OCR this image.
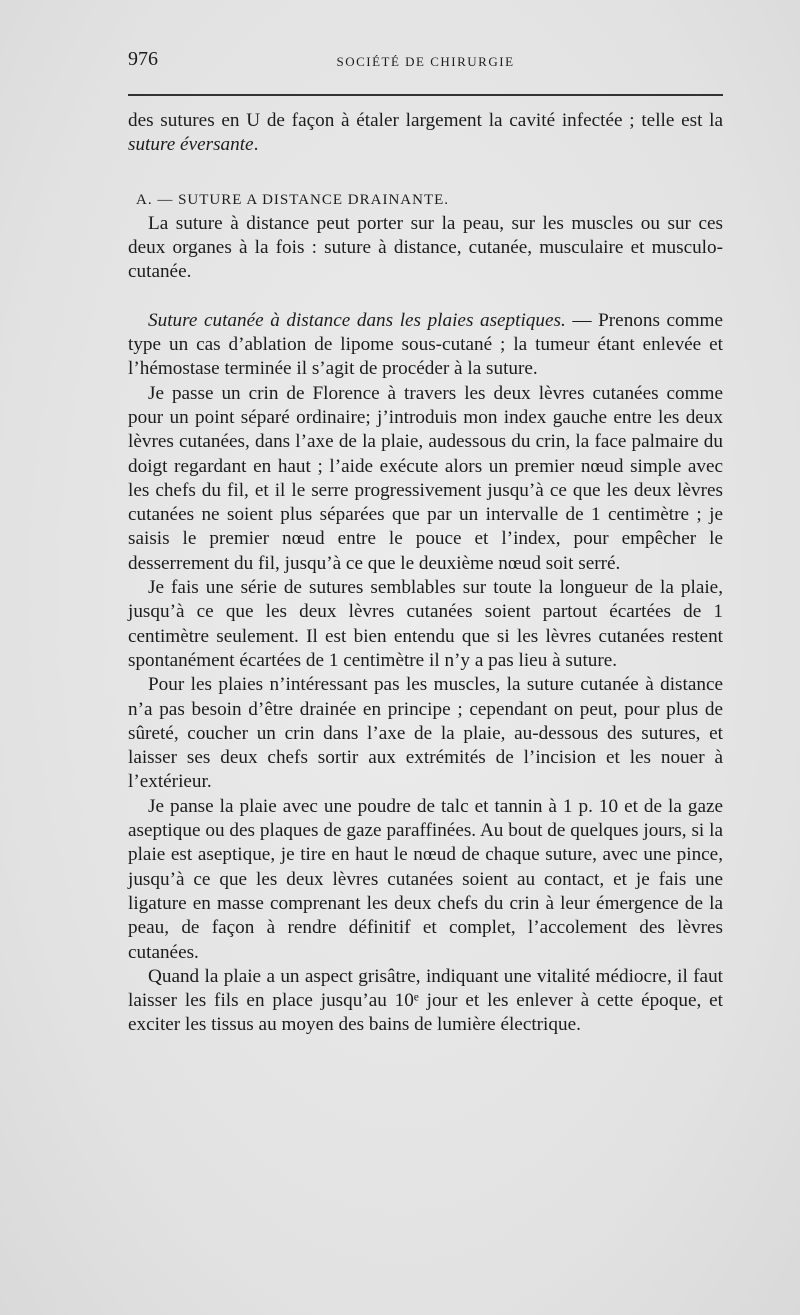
976	SOCIÉTÉ DE CHIRURGIE

des sutures en U de façon à étaler largement la cavité infectée ; telle est la suture éversante.

A. — SUTURE A DISTANCE DRAINANTE.

La suture à distance peut porter sur la peau, sur les muscles ou sur ces deux organes à la fois : suture à distance, cutanée, musculaire et musculo-cutanée.

Suture cutanée à distance dans les plaies aseptiques. — Prenons comme type un cas d’ablation de lipome sous-cutané ; la tumeur étant enlevée et l’hémostase terminée il s’agit de procéder à la suture.

Je passe un crin de Florence à travers les deux lèvres cutanées comme pour un point séparé ordinaire; j’introduis mon index gauche entre les deux lèvres cutanées, dans l’axe de la plaie, audessous du crin, la face palmaire du doigt regardant en haut ; l’aide exécute alors un premier nœud simple avec les chefs du fil, et il le serre progressivement jusqu’à ce que les deux lèvres cutanées ne soient plus séparées que par un intervalle de 1 centimètre ; je saisis le premier nœud entre le pouce et l’index, pour empêcher le desserrement du fil, jusqu’à ce que le deuxième nœud soit serré.

Je fais une série de sutures semblables sur toute la longueur de la plaie, jusqu’à ce que les deux lèvres cutanées soient partout écartées de 1 centimètre seulement. Il est bien entendu que si les lèvres cutanées restent spontanément écartées de 1 centimètre il n’y a pas lieu à suture.

Pour les plaies n’intéressant pas les muscles, la suture cutanée à distance n’a pas besoin d’être drainée en principe ; cependant on peut, pour plus de sûreté, coucher un crin dans l’axe de la plaie, au-dessous des sutures, et laisser ses deux chefs sortir aux extrémités de l’incision et les nouer à l’extérieur.

Je panse la plaie avec une poudre de talc et tannin à 1 p. 10 et de la gaze aseptique ou des plaques de gaze paraffinées. Au bout de quelques jours, si la plaie est aseptique, je tire en haut le nœud de chaque suture, avec une pince, jusqu’à ce que les deux lèvres cutanées soient au contact, et je fais une ligature en masse comprenant les deux chefs du crin à leur émergence de la peau, de façon à rendre définitif et complet, l’accolement des lèvres cutanées.

Quand la plaie a un aspect grisâtre, indiquant une vitalité médiocre, il faut laisser les fils en place jusqu’au 10ᵉ jour et les enlever à cette époque, et exciter les tissus au moyen des bains de lumière électrique.
